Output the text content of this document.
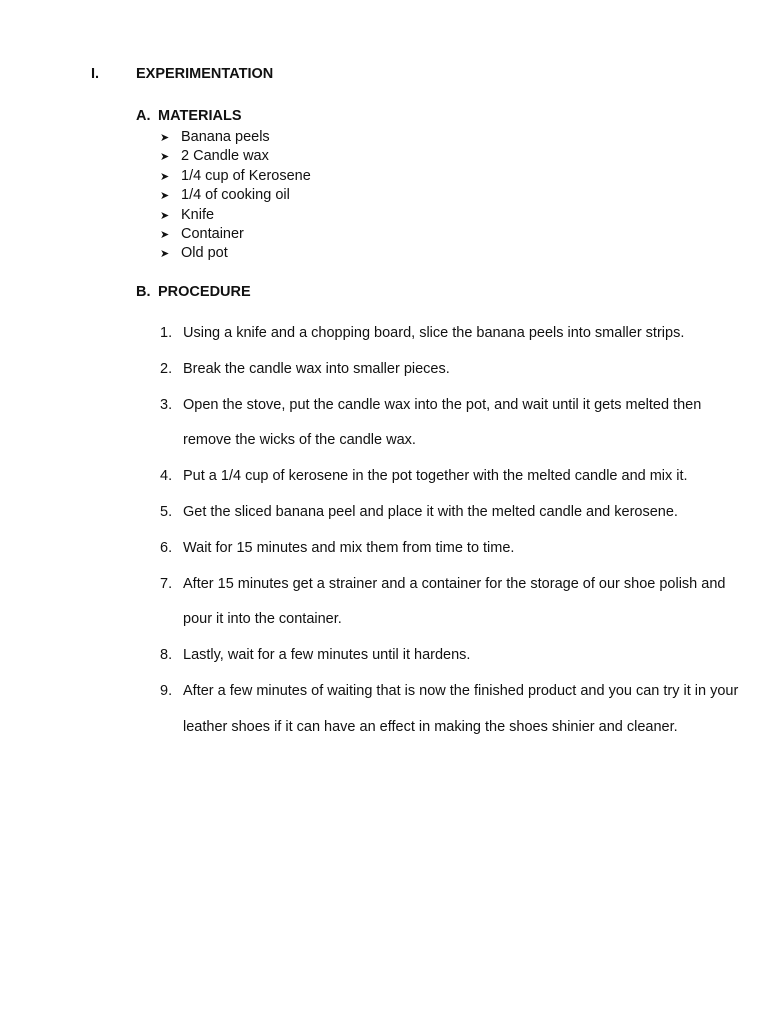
I.	EXPERIMENTATION
A. MATERIALS
➤ Banana peels
➤ 2 Candle wax
➤ 1/4 cup of Kerosene
➤ 1/4 of cooking oil
➤ Knife
➤ Container
➤ Old pot
B. PROCEDURE
1. Using a knife and a chopping board, slice the banana peels into smaller strips.
2. Break the candle wax into smaller pieces.
3. Open the stove, put the candle wax into the pot, and wait until it gets melted then remove the wicks of the candle wax.
4. Put a 1/4 cup of kerosene in the pot together with the melted candle and mix it.
5. Get the sliced banana peel and place it with the melted candle and kerosene.
6. Wait for 15 minutes and mix them from time to time.
7. After 15 minutes get a strainer and a container for the storage of our shoe polish and pour it into the container.
8. Lastly, wait for a few minutes until it hardens.
9. After a few minutes of waiting that is now the finished product and you can try it in your leather shoes if it can have an effect in making the shoes shinier and cleaner.
